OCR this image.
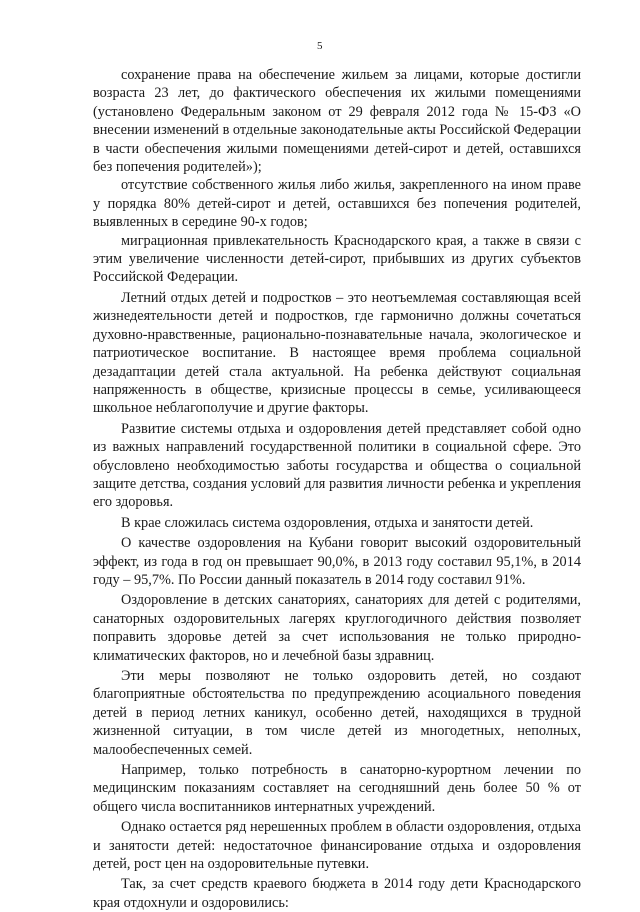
5

сохранение права на обеспечение жильем за лицами, которые достигли возраста 23 лет, до фактического обеспечения их жилыми помещениями (установлено Федеральным законом от 29 февраля 2012 года № 15-ФЗ «О внесении изменений в отдельные законодательные акты Российской Федерации в части обеспечения жилыми помещениями детей-сирот и детей, оставшихся без попечения родителей»);

отсутствие собственного жилья либо жилья, закрепленного на ином праве у порядка 80% детей-сирот и детей, оставшихся без попечения родителей, выявленных в середине 90-х годов;

миграционная привлекательность Краснодарского края, а также в связи с этим увеличение численности детей-сирот, прибывших из других субъектов Российской Федерации.

Летний отдых детей и подростков – это неотъемлемая составляющая всей жизнедеятельности детей и подростков, где гармонично должны сочетаться духовно-нравственные, рационально-познавательные начала, экологическое и патриотическое воспитание. В настоящее время проблема социальной дезадаптации детей стала актуальной. На ребенка действуют социальная напряженность в обществе, кризисные процессы в семье, усиливающееся школьное неблагополучие и другие факторы.

Развитие системы отдыха и оздоровления детей представляет собой одно из важных направлений государственной политики в социальной сфере. Это обусловлено необходимостью заботы государства и общества о социальной защите детства, создания условий для развития личности ребенка и укрепления его здоровья.

В крае сложилась система оздоровления, отдыха и занятости детей.

О качестве оздоровления на Кубани говорит высокий оздоровительный эффект, из года в год он превышает 90,0%, в 2013 году составил 95,1%, в 2014 году – 95,7%. По России данный показатель в 2014 году составил 91%.

Оздоровление в детских санаториях, санаториях для детей с родителями, санаторных оздоровительных лагерях круглогодичного действия позволяет поправить здоровье детей за счет использования не только природно-климатических факторов, но и лечебной базы здравниц.

Эти меры позволяют не только оздоровить детей, но создают благоприятные обстоятельства по предупреждению асоциального поведения детей в период летних каникул, особенно детей, находящихся в трудной жизненной ситуации, в том числе детей из многодетных, неполных, малообеспеченных семей.

Например, только потребность в санаторно-курортном лечении по медицинским показаниям составляет на сегодняшний день более 50 % от общего числа воспитанников интернатных учреждений.

Однако остается ряд нерешенных проблем в области оздоровления, отдыха и занятости детей: недостаточное финансирование отдыха и оздоровления детей, рост цен на оздоровительные путевки.

Так, за счет средств краевого бюджета в 2014 году дети Краснодарского края отдохнули и оздоровились:
